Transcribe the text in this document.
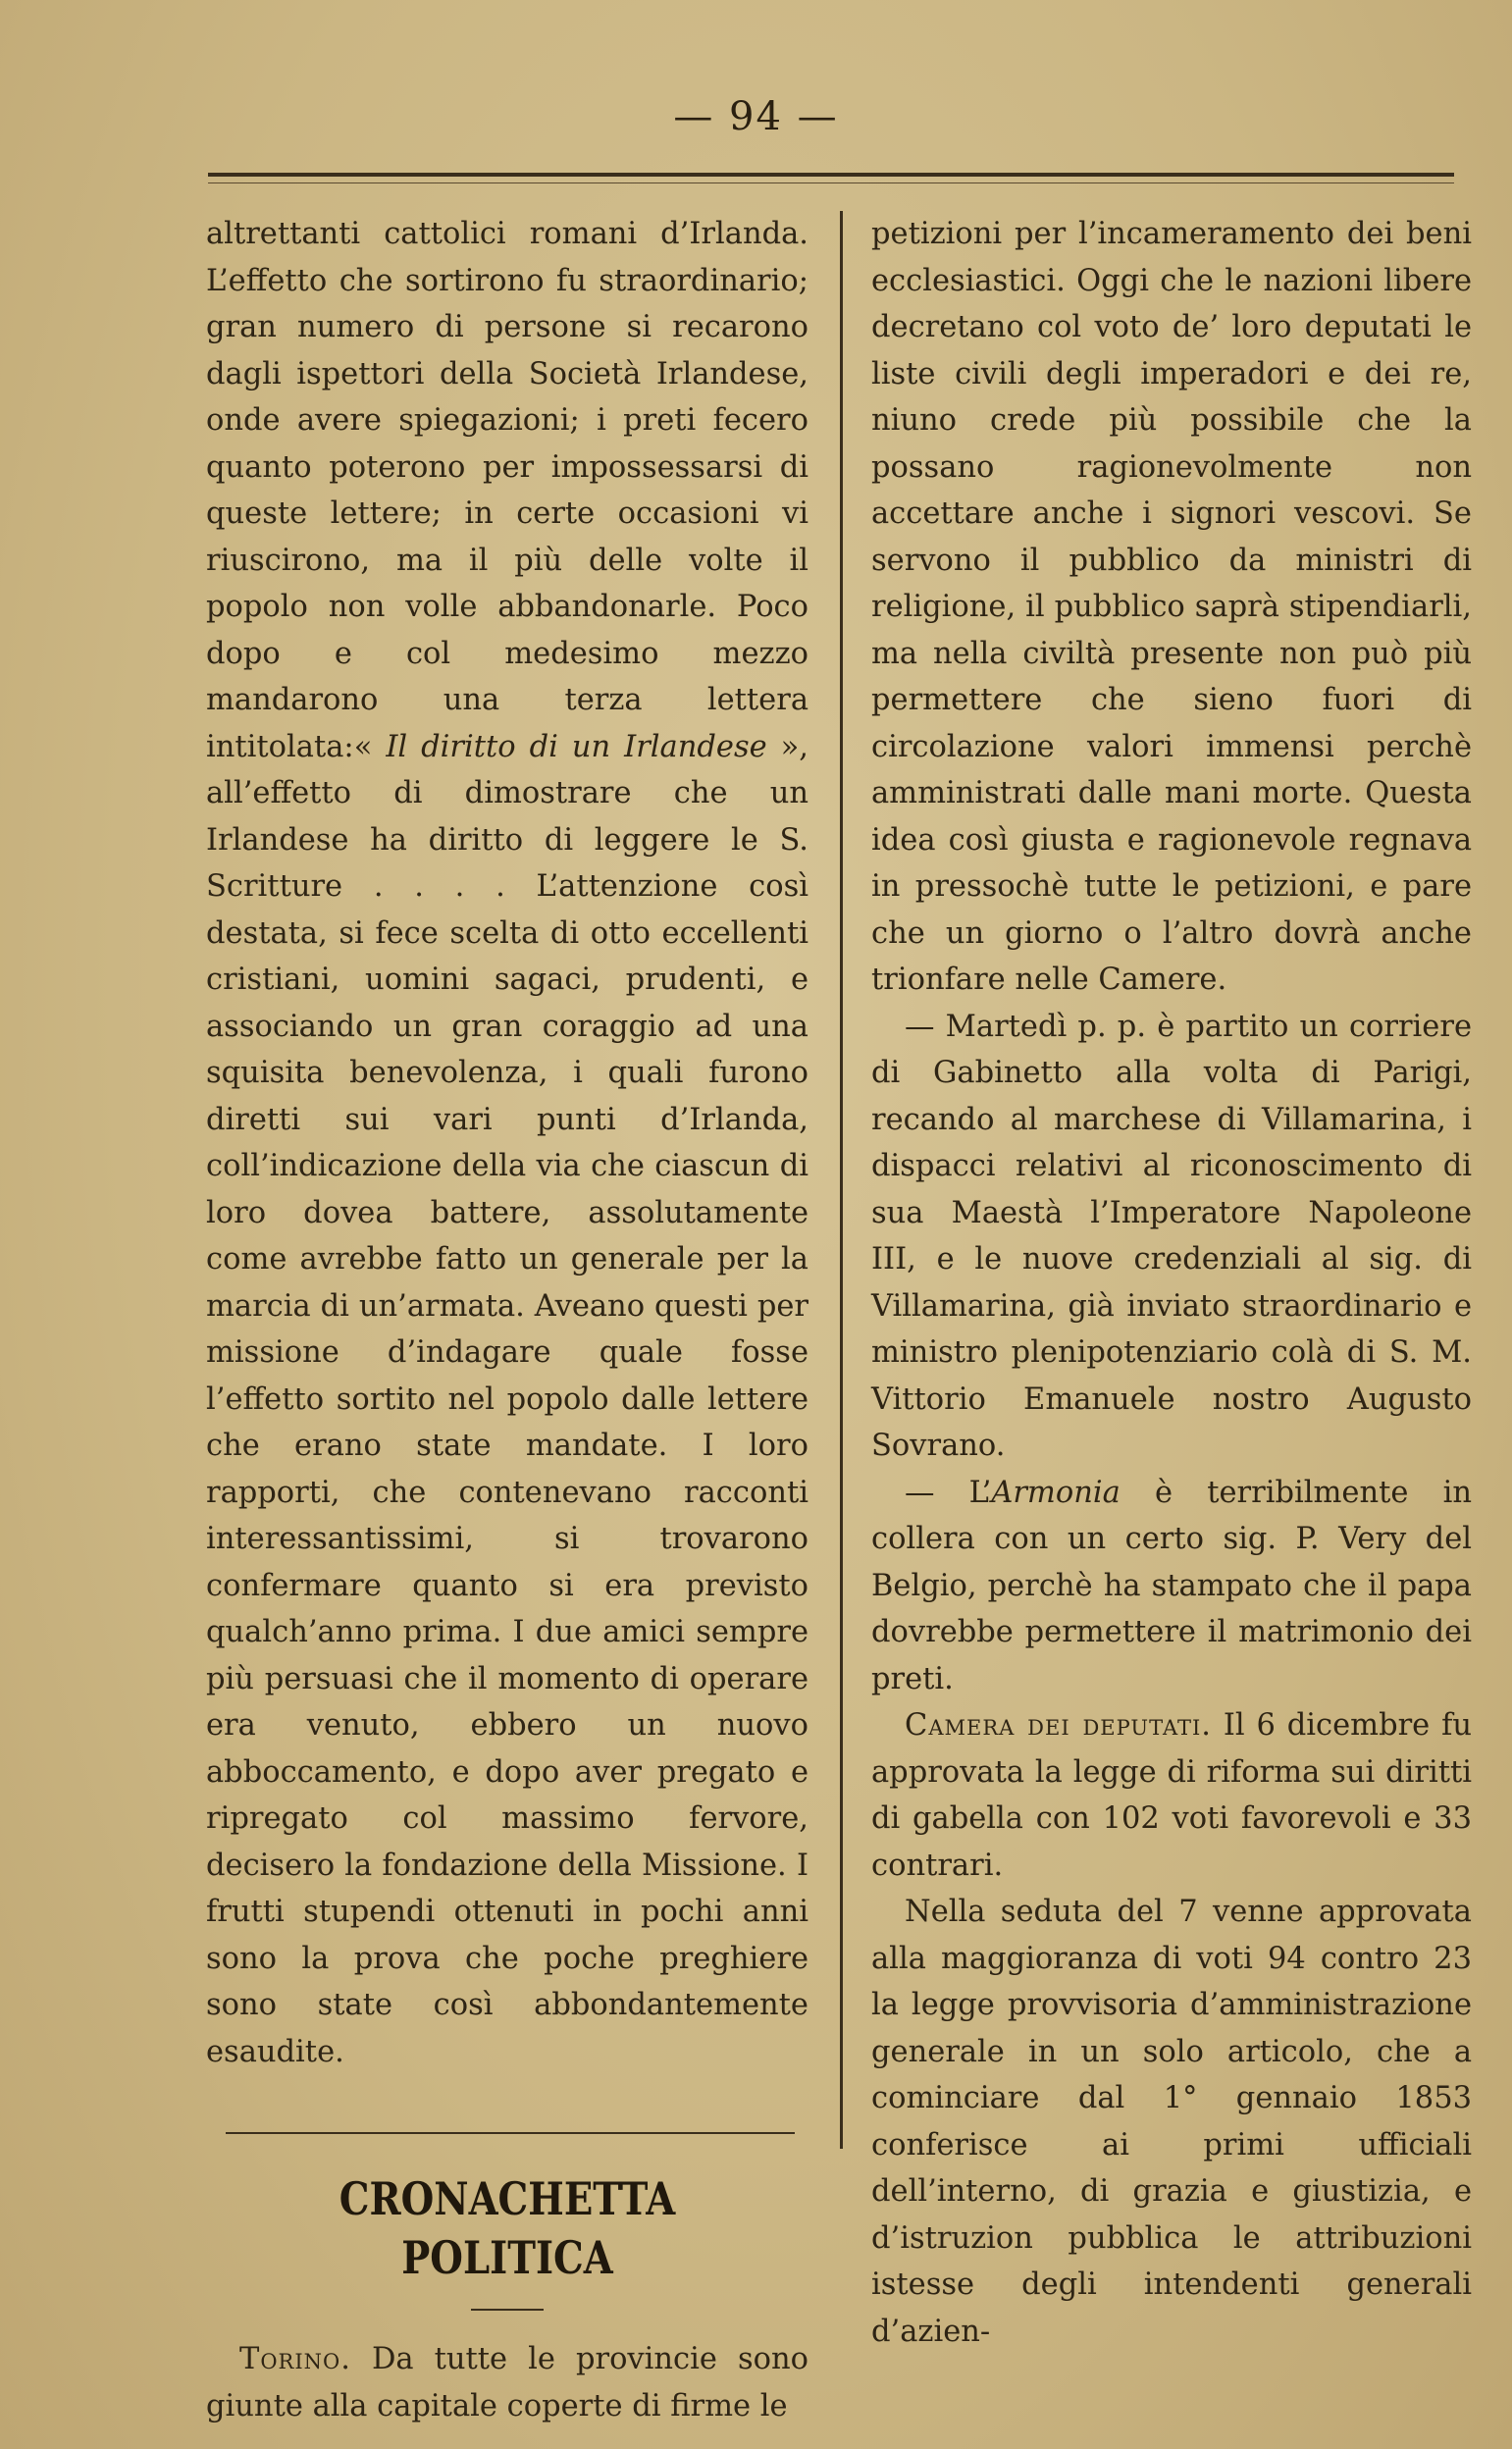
— 94 —

altrettanti cattolici romani d’Irlanda. L’effetto che sortirono fu straordinario; gran numero di persone si recarono dagli ispettori della Società Irlandese, onde avere spiegazioni; i preti fecero quanto poterono per impossessarsi di queste lettere; in certe occasioni vi riuscirono, ma il più delle volte il popolo non volle abbandonarle. Poco dopo e col medesimo mezzo mandarono una terza lettera intitolata:« Il diritto di un Irlandese », all’effetto di dimostrare che un Irlandese ha diritto di leggere le S. Scritture . . . . L’attenzione così destata, si fece scelta di otto eccellenti cristiani, uomini sagaci, prudenti, e associando un gran coraggio ad una squisita benevolenza, i quali furono diretti sui vari punti d’Irlanda, coll’indicazione della via che ciascun di loro dovea battere, assolutamente come avrebbe fatto un generale per la marcia di un’armata. Aveano questi per missione d’indagare quale fosse l’effetto sortito nel popolo dalle lettere che erano state mandate. I loro rapporti, che contenevano racconti interessantissimi, si trovarono confermare quanto si era previsto qualch’anno prima. I due amici sempre più persuasi che il momento di operare era venuto, ebbero un nuovo abboccamento, e dopo aver pregato e ripregato col massimo fervore, decisero la fondazione della Missione. I frutti stupendi ottenuti in pochi anni sono la prova che poche preghiere sono state così abbondantemente esaudite.

CRONACHETTA POLITICA

Torino. Da tutte le provincie sono giunte alla capitale coperte di firme le

petizioni per l’incameramento dei beni ecclesiastici. Oggi che le nazioni libere decretano col voto de’ loro deputati le liste civili degli imperadori e dei re, niuno crede più possibile che la possano ragionevolmente non accettare anche i signori vescovi. Se servono il pubblico da ministri di religione, il pubblico saprà stipendiarli, ma nella civiltà presente non può più permettere che sieno fuori di circolazione valori immensi perchè amministrati dalle mani morte. Questa idea così giusta e ragionevole regnava in pressochè tutte le petizioni, e pare che un giorno o l’altro dovrà anche trionfare nelle Camere.

— Martedì p. p. è partito un corriere di Gabinetto alla volta di Parigi, recando al marchese di Villamarina, i dispacci relativi al riconoscimento di sua Maestà l’Imperatore Napoleone III, e le nuove credenziali al sig. di Villamarina, già inviato straordinario e ministro plenipotenziario colà di S. M. Vittorio Emanuele nostro Augusto Sovrano.

— L’Armonia è terribilmente in collera con un certo sig. P. Very del Belgio, perchè ha stampato che il papa dovrebbe permettere il matrimonio dei preti.

Camera dei deputati. Il 6 dicembre fu approvata la legge di riforma sui diritti di gabella con 102 voti favorevoli e 33 contrari.

Nella seduta del 7 venne approvata alla maggioranza di voti 94 contro 23 la legge provvisoria d’amministrazione generale in un solo articolo, che a cominciare dal 1° gennaio 1853 conferisce ai primi ufficiali dell’interno, di grazia e giustizia, e d’istruzion pubblica le attribuzioni istesse degli intendenti generali d’azien-
